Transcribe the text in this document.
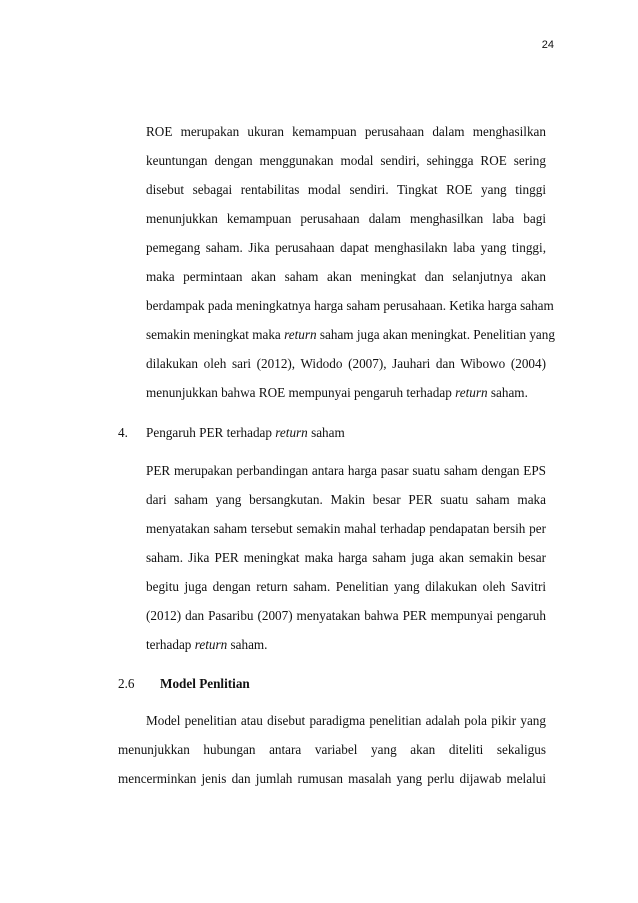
24
ROE merupakan ukuran kemampuan perusahaan dalam menghasilkan
keuntungan dengan menggunakan modal sendiri, sehingga ROE sering
disebut sebagai rentabilitas modal sendiri. Tingkat ROE yang tinggi
menunjukkan kemampuan perusahaan dalam menghasilkan laba bagi
pemegang saham. Jika perusahaan dapat menghasilakn laba yang tinggi,
maka permintaan akan saham akan meningkat dan selanjutnya akan
berdampak pada meningkatnya harga saham perusahaan. Ketika harga saham
semakin meningkat maka return saham juga akan meningkat. Penelitian yang
dilakukan oleh sari (2012), Widodo (2007), Jauhari dan Wibowo (2004)
menunjukkan bahwa ROE mempunyai pengaruh terhadap return saham.
4. Pengaruh PER terhadap return saham
PER merupakan perbandingan antara harga pasar suatu saham dengan EPS
dari saham yang bersangkutan. Makin besar PER suatu saham maka
menyatakan saham tersebut semakin mahal terhadap pendapatan bersih per
saham. Jika PER meningkat maka harga saham juga akan semakin besar
begitu juga dengan return saham. Penelitian yang dilakukan oleh Savitri
(2012) dan Pasaribu (2007) menyatakan bahwa PER mempunyai pengaruh
terhadap return saham.
2.6 Model Penlitian
Model penelitian atau disebut paradigma penelitian adalah pola pikir yang
menunjukkan hubungan antara variabel yang akan diteliti sekaligus
mencerminkan jenis dan jumlah rumusan masalah yang perlu dijawab melalui
